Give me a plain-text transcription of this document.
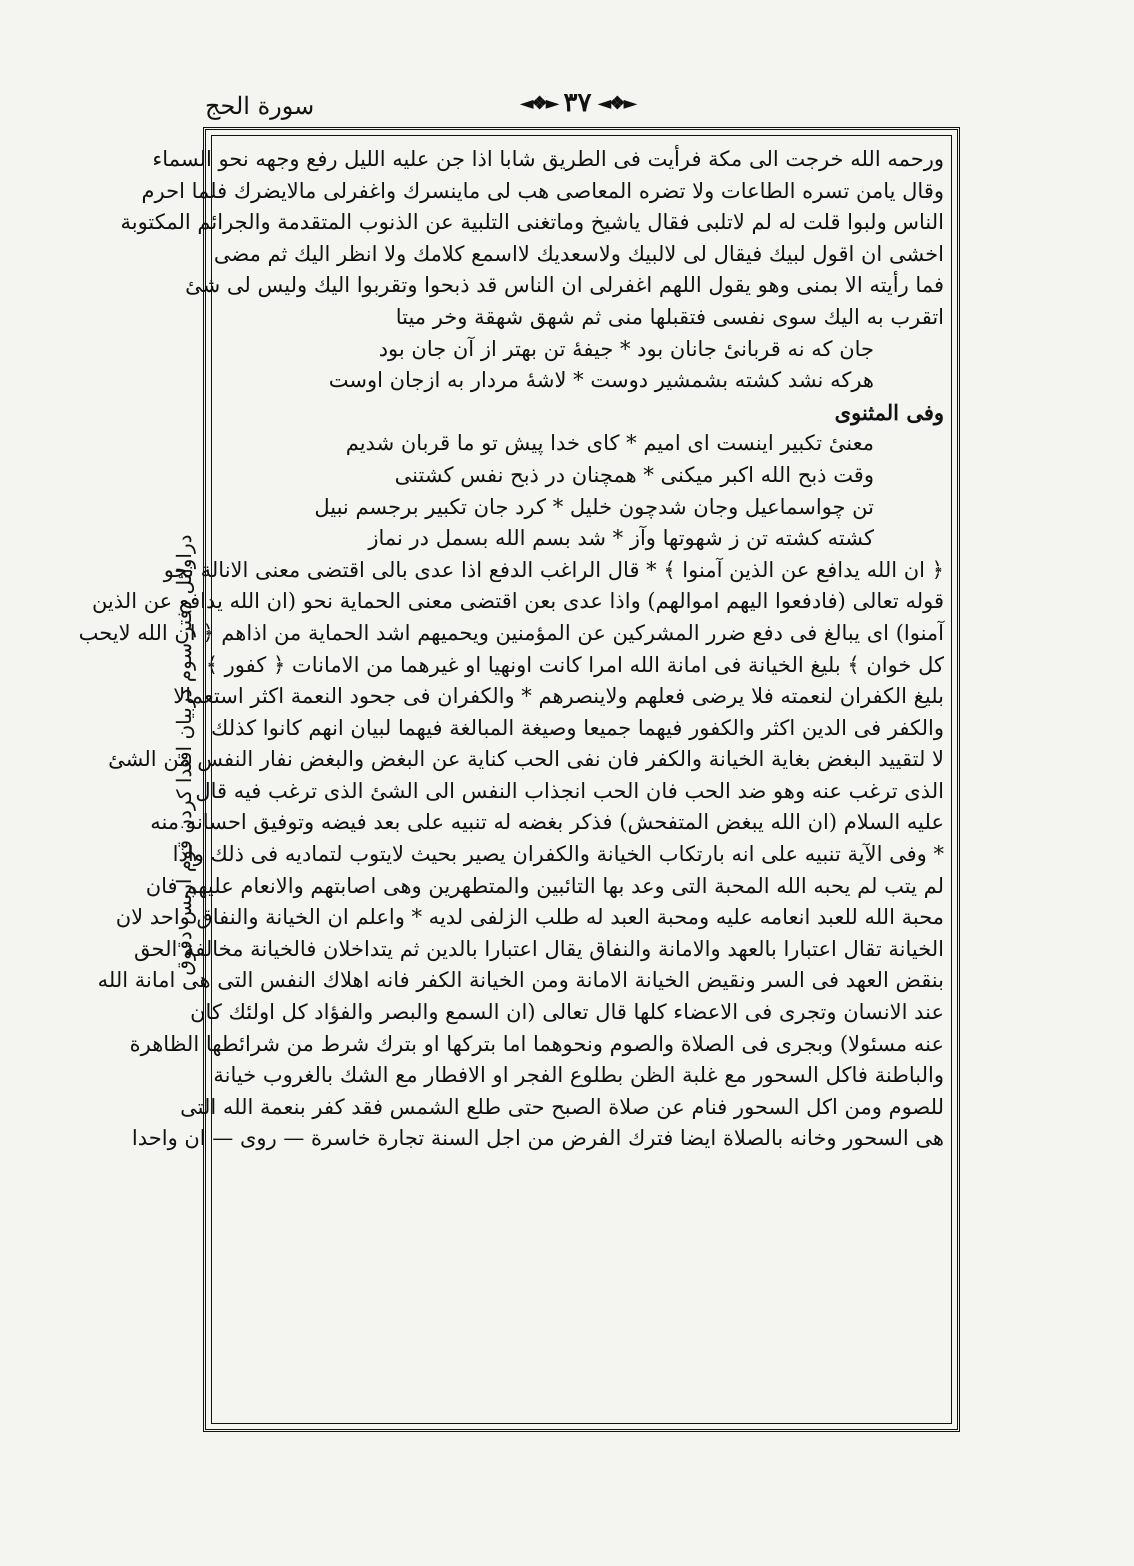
سورة الحج	◄❖► ٣٧ ◄❖►
دراوائل دفتر سوم دربيان اقتدا كردن قوم اربس دقوق
ورحمه الله خرجت الى مكة فرأيت فى الطريق شابا اذا جن عليه الليل رفع وجهه نحو السماء
وقال يامن تسره الطاعات ولا تضره المعاصى هب لى ماينسرك واغفرلى مالايضرك فلما احرم
الناس ولبوا قلت له لم لاتلبى فقال ياشيخ وماتغنى التلبية عن الذنوب المتقدمة والجرائم المكتوبة
اخشى ان اقول لبيك فيقال لى لالبيك ولاسعديك لااسمع كلامك ولا انظر اليك ثم مضى
فما رأيته الا بمنى وهو يقول اللهم اغفرلى ان الناس قد ذبحوا وتقربوا اليك وليس لى شئ
اتقرب به اليك سوى نفسى فتقبلها منى ثم شهق شهقة وخر ميتا
جان كه نه قربانىٔ جانان بود * جيفهٔ تن بهتر از آن جان بود
هركه نشد كشته بشمشير دوست * لاشهٔ مردار به ازجان اوست
وفى المثنوى
معنىٔ تكبير اينست اى اميم * كاى خدا پيش تو ما قربان شديم
وقت ذبح الله اكبر ميكنى * همچنان در ذبح نفس كشتنى
تن چواسماعيل وجان شدچون خليل * كرد جان تكبير برجسم نبيل
كشته كشته تن ز شهوتها وآز * شد بسم الله بسمل در نماز
﴿ ان الله يدافع عن الذين آمنوا ﴾ * قال الراغب الدفع اذا عدى بالى اقتضى معنى الانالة نحو
قوله تعالى (فادفعوا اليهم اموالهم) واذا عدى بعن اقتضى معنى الحماية نحو (ان الله يدافع عن الذين
آمنوا) اى يبالغ فى دفع ضرر المشركين عن المؤمنين ويحميهم اشد الحماية من اذاهم ﴿ ان الله لايحب
كل خوان ﴾ بليغ الخيانة فى امانة الله امرا كانت اونهيا او غيرهما من الامانات ﴿ كفور ﴾
بليغ الكفران لنعمته فلا يرضى فعلهم ولاينصرهم * والكفران فى جحود النعمة اكثر استعمالا
والكفر فى الدين اكثر والكفور فيهما جميعا وصيغة المبالغة فيهما لبيان انهم كانوا كذلك
لا لتقييد البغض بغاية الخيانة والكفر فان نفى الحب كناية عن البغض والبغض نفار النفس من الشئ
الذى ترغب عنه وهو ضد الحب فان الحب انجذاب النفس الى الشئ الذى ترغب فيه قال
عليه السلام (ان الله يبغض المتفحش) فذكر بغضه له تنبيه على بعد فيضه وتوفيق احسانه منه
* وفى الآية تنبيه على انه بارتكاب الخيانة والكفران يصير بحيث لايتوب لتماديه فى ذلك واذا
لم يتب لم يحبه الله المحبة التى وعد بها التائبين والمتطهرين وهى اصابتهم والانعام عليهم فان
محبة الله للعبد انعامه عليه ومحبة العبد له طلب الزلفى لديه * واعلم ان الخيانة والنفاق واحد لان
الخيانة تقال اعتبارا بالعهد والامانة والنفاق يقال اعتبارا بالدين ثم يتداخلان فالخيانة مخالفة الحق
بنقض العهد فى السر ونقيض الخيانة الامانة ومن الخيانة الكفر فانه اهلاك النفس التى هى امانة الله
عند الانسان وتجرى فى الاعضاء كلها قال تعالى (ان السمع والبصر والفؤاد كل اولئك كان
عنه مسئولا) وبجرى فى الصلاة والصوم ونحوهما اما بتركها او بترك شرط من شرائطها الظاهرة
والباطنة فاكل السحور مع غلبة الظن بطلوع الفجر او الافطار مع الشك بالغروب خيانة
للصوم ومن اكل السحور فنام عن صلاة الصبح حتى طلع الشمس فقد كفر بنعمة الله التى
هى السحور وخانه بالصلاة ايضا فترك الفرض من اجل السنة تجارة خاسرة — روى — ان واحدا
